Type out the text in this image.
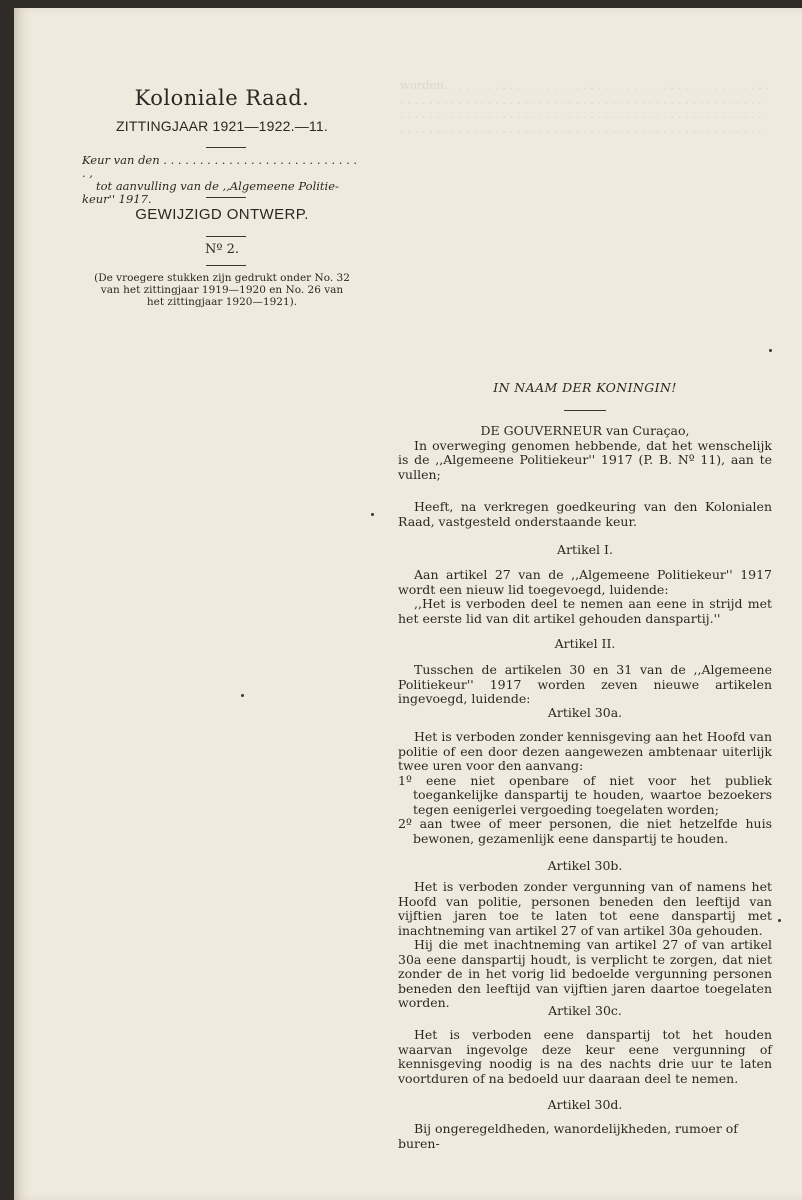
worden. . . . . . . . . . . . . . . . . . . . . . . . . . . . . . . . . . . . . . . . . . . . .
. . . . . . . . . . . . . . . . . . . . . . . . . . . . . . . . . . . . . . . . . . . . . . . . . .
. . . . . . . . . . . . . . . . . . . . . . . . . . . . . . . . . . . . . . . . . . . . . . . . . .
. . . . . . . . . . . . . . . . . . . . . . . . . . . . . . . . . . . . . . . . . . . . . . . . . .
Koloniale Raad.
ZITTINGJAAR 1921—1922.—11.
Keur van den . . . . . . . . . . . . . . . . . . . . . . . . . . . . ,
tot aanvulling van de ,,Algemeene Politie-
keur'' 1917.
GEWIJZIGD ONTWERP.
Nº 2.
(De vroegere stukken zijn gedrukt onder No. 32
van het zittingjaar 1919—1920 en No. 26 van
het zittingjaar 1920—1921).
IN NAAM DER KONINGIN!
DE GOUVERNEUR van Curaçao,
In overweging genomen hebbende, dat het wenschelijk is de ,,Algemeene Politiekeur'' 1917 (P. B. Nº 11), aan te vullen;
Heeft, na verkregen goedkeuring van den Kolonialen Raad, vastgesteld onderstaande keur.
Artikel I.
Aan artikel 27 van de ,,Algemeene Politiekeur'' 1917 wordt een nieuw lid toegevoegd, luidende:
,,Het is verboden deel te nemen aan eene in strijd met het eerste lid van dit artikel gehouden danspartij.''
Artikel II.
Tusschen de artikelen 30 en 31 van de ,,Algemeene Politiekeur'' 1917 worden zeven nieuwe artikelen ingevoegd, luidende:
Artikel 30a.
Het is verboden zonder kennisgeving aan het Hoofd van politie of een door dezen aangewezen ambtenaar uiterlijk twee uren voor den aanvang:
1º eene niet openbare of niet voor het publiek toegankelijke danspartij te houden, waartoe bezoekers tegen eenigerlei vergoeding toegelaten worden;
2º aan twee of meer personen, die niet hetzelfde huis bewonen, gezamenlijk eene danspartij te houden.
Artikel 30b.
Het is verboden zonder vergunning van of namens het Hoofd van politie, personen beneden den leeftijd van vijftien jaren toe te laten tot eene danspartij met inachtneming van artikel 27 of van artikel 30a gehouden.
Hij die met inachtneming van artikel 27 of van artikel 30a eene danspartij houdt, is verplicht te zorgen, dat niet zonder de in het vorig lid bedoelde vergunning personen beneden den leeftijd van vijftien jaren daartoe toegelaten worden.
Artikel 30c.
Het is verboden eene danspartij tot het houden waarvan ingevolge deze keur eene vergunning of kennisgeving noodig is na des nachts drie uur te laten voortduren of na bedoeld uur daaraan deel te nemen.
Artikel 30d.
Bij ongeregeldheden, wanordelijkheden, rumoer of buren-
